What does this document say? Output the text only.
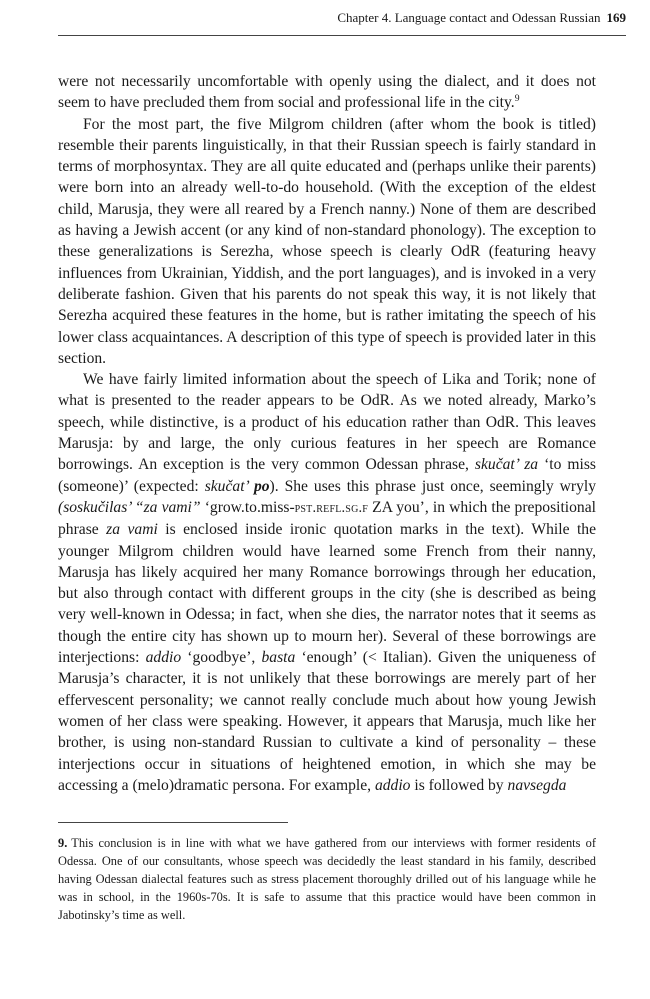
Chapter 4. Language contact and Odessan Russian 169

were not necessarily uncomfortable with openly using the dialect, and it does not seem to have precluded them from social and professional life in the city.$^9$

For the most part, the five Milgrom children (after whom the book is titled) resemble their parents linguistically, in that their Russian speech is fairly standard in terms of morphosyntax. They are all quite educated and (perhaps unlike their parents) were born into an already well-to-do household. (With the exception of the eldest child, Marusja, they were all reared by a French nanny.) None of them are described as having a Jewish accent (or any kind of non-standard phonology). The exception to these generalizations is Serezha, whose speech is clearly OdR (featuring heavy influences from Ukrainian, Yiddish, and the port languages), and is invoked in a very deliberate fashion. Given that his parents do not speak this way, it is not likely that Serezha acquired these features in the home, but is rather imitating the speech of his lower class acquaintances. A description of this type of speech is provided later in this section.

We have fairly limited information about the speech of Lika and Torik; none of what is presented to the reader appears to be OdR. As we noted already, Marko’s speech, while distinctive, is a product of his education rather than OdR. This leaves Marusja: by and large, the only curious features in her speech are Romance borrowings. An exception is the very common Odessan phrase, skučat’ za ‘to miss (someone)’ (expected: skučat’ po). She uses this phrase just once, seemingly wryly (soskučilas’ “za vami” ‘grow.to.miss-pst.refl.sg.f ZA you’, in which the prepositional phrase za vami is enclosed inside ironic quotation marks in the text). While the younger Milgrom children would have learned some French from their nanny, Marusja has likely acquired her many Romance borrowings through her education, but also through contact with different groups in the city (she is described as being very well-known in Odessa; in fact, when she dies, the narrator notes that it seems as though the entire city has shown up to mourn her). Several of these borrowings are interjections: addio ‘goodbye’, basta ‘enough’ (< Italian). Given the uniqueness of Marusja’s character, it is not unlikely that these borrowings are merely part of her effervescent personality; we cannot really conclude much about how young Jewish women of her class were speaking. However, it appears that Marusja, much like her brother, is using non-standard Russian to cultivate a kind of personality – these interjections occur in situations of heightened emotion, in which she may be accessing a (melo)dramatic persona. For example, addio is followed by navsegda

9. This conclusion is in line with what we have gathered from our interviews with former residents of Odessa. One of our consultants, whose speech was decidedly the least standard in his family, described having Odessan dialectal features such as stress placement thoroughly drilled out of his language while he was in school, in the 1960s-70s. It is safe to assume that this practice would have been common in Jabotinsky’s time as well.
